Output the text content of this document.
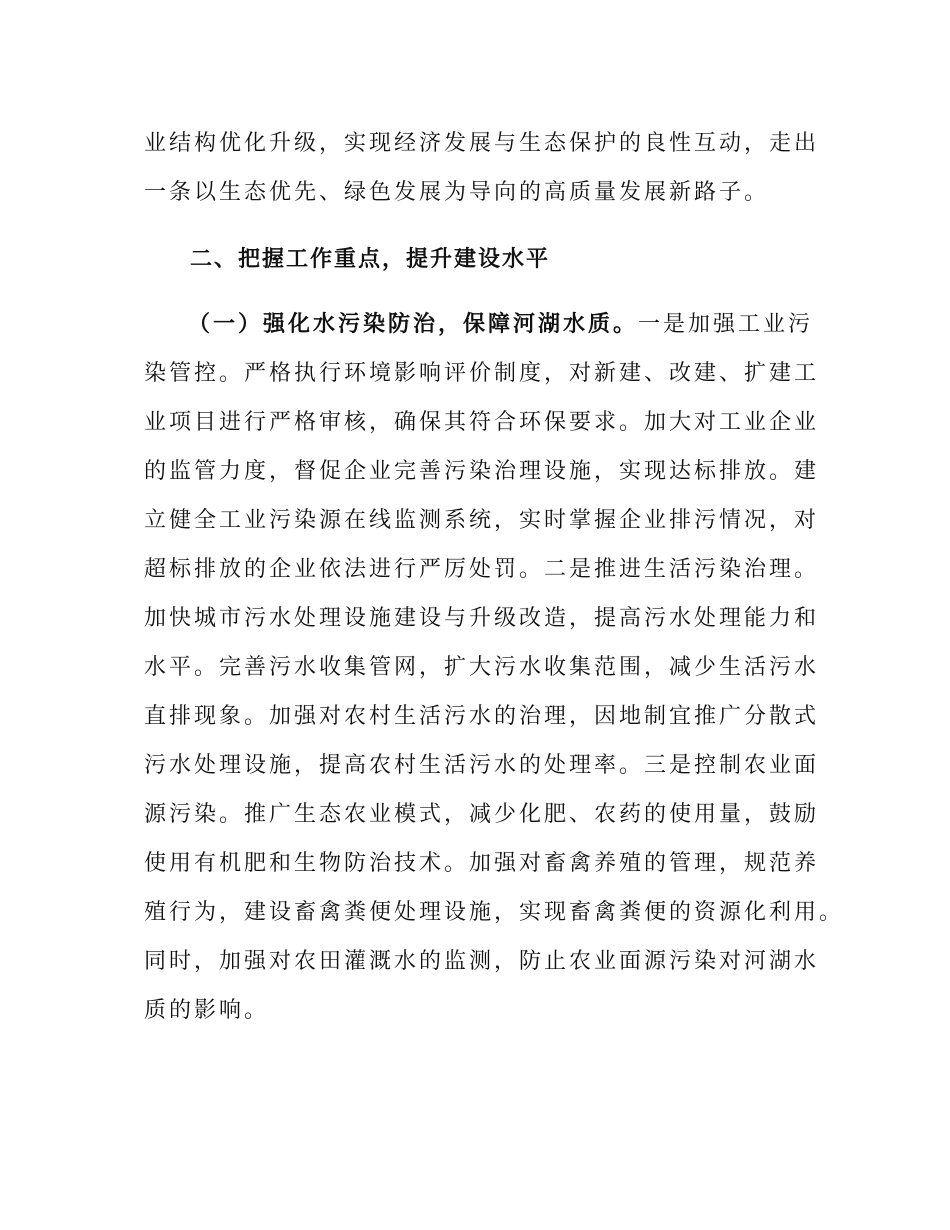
业结构优化升级，实现经济发展与生态保护的良性互动，走出
一条以生态优先、绿色发展为导向的高质量发展新路子。
二、把握工作重点，提升建设水平
（一）强化水污染防治，保障河湖水质。一是加强工业污
染管控。严格执行环境影响评价制度，对新建、改建、扩建工
业项目进行严格审核，确保其符合环保要求。加大对工业企业
的监管力度，督促企业完善污染治理设施，实现达标排放。建
立健全工业污染源在线监测系统，实时掌握企业排污情况，对
超标排放的企业依法进行严厉处罚。二是推进生活污染治理。
加快城市污水处理设施建设与升级改造，提高污水处理能力和
水平。完善污水收集管网，扩大污水收集范围，减少生活污水
直排现象。加强对农村生活污水的治理，因地制宜推广分散式
污水处理设施，提高农村生活污水的处理率。三是控制农业面
源污染。推广生态农业模式，减少化肥、农药的使用量，鼓励
使用有机肥和生物防治技术。加强对畜禽养殖的管理，规范养
殖行为，建设畜禽粪便处理设施，实现畜禽粪便的资源化利用。
同时，加强对农田灌溉水的监测，防止农业面源污染对河湖水
质的影响。
